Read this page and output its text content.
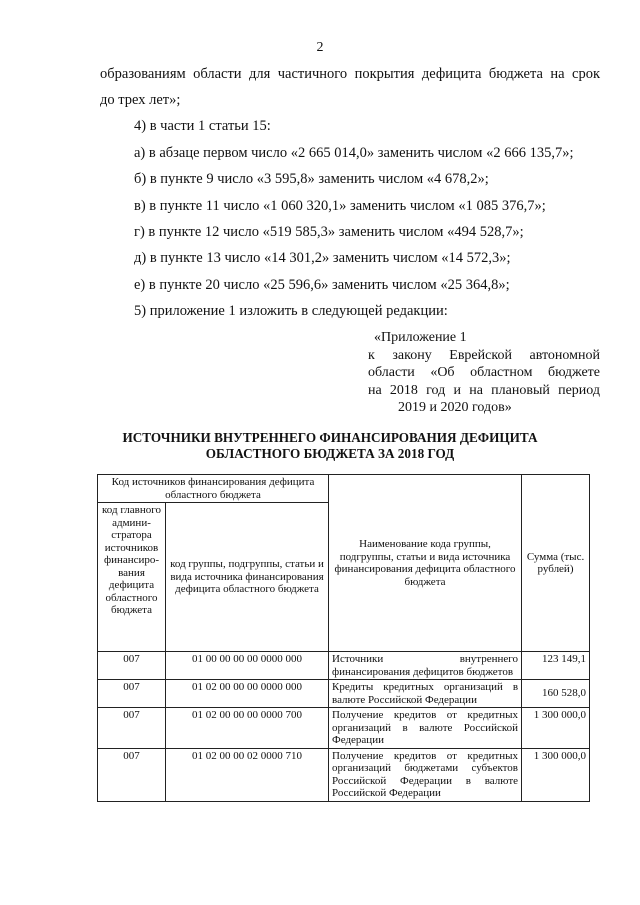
2
образованиям области для частичного покрытия дефицита бюджета на срок
до трех лет»;
4) в части 1 статьи 15:
а) в абзаце первом число «2 665 014,0» заменить числом «2 666 135,7»;
б) в пункте 9 число «3 595,8» заменить числом «4 678,2»;
в) в пункте 11 число «1 060 320,1» заменить числом «1 085 376,7»;
г) в пункте 12 число «519 585,3» заменить числом «494 528,7»;
д) в пункте 13 число «14 301,2» заменить числом «14 572,3»;
е) в пункте 20 число «25 596,6» заменить числом «25 364,8»;
5) приложение 1 изложить в следующей редакции:
«Приложение 1
к закону Еврейской автономной
области «Об областном бюджете
на 2018 год и на плановый период
2019 и 2020 годов»
ИСТОЧНИКИ ВНУТРЕННЕГО ФИНАНСИРОВАНИЯ ДЕФИЦИТА
ОБЛАСТНОГО БЮДЖЕТА ЗА 2018 ГОД
Код источников финансирования дефицита областного бюджета		Наименование кода группы, подгруппы, статьи и вида источника финансирования дефицита областного бюджета	Сумма (тыс. рублей)
код главного админи-стратора источников финансиро-вания дефицита областного бюджета	код группы, подгруппы, статьи и вида источника финансирования дефицита областного бюджета		
007	01 00 00 00 00 0000 000	Источники внутреннего финансирования дефицитов бюджетов	123 149,1
007	01 02 00 00 00 0000 000	Кредиты кредитных организаций в валюте Российской Федерации	160 528,0
007	01 02 00 00 00 0000 700	Получение кредитов от кредитных организаций в валюте Российской Федерации	1 300 000,0
007	01 02 00 00 02 0000 710	Получение кредитов от кредитных организаций бюджетами субъектов Российской Федерации в валюте Российской Федерации	1 300 000,0
